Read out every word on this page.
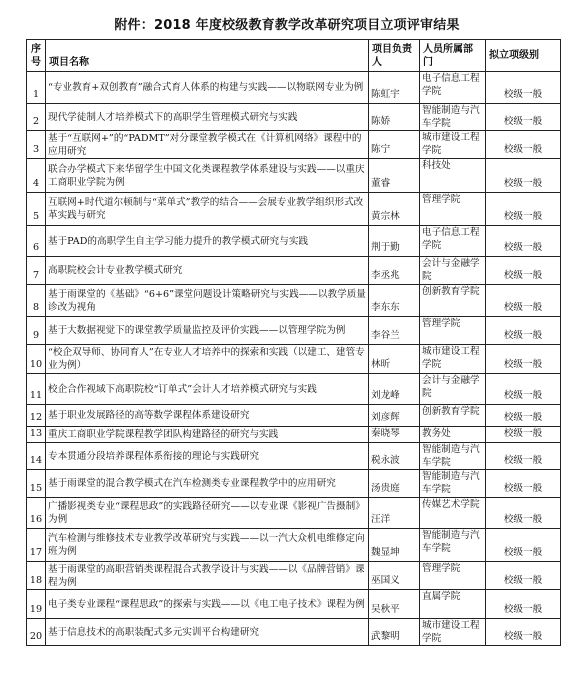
附件：2018 年度校级教育教学改革研究项目立项评审结果
序号	项目名称	项目负责人	人员所属部门	拟立项级别
1	“专业教育+双创教育”融合式育人体系的构建与实践——以物联网专业为例	陈虹宇	电子信息工程学院	校级一般
2	现代学徒制人才培养模式下的高职学生管理模式研究与实践	陈娇	智能制造与汽车学院	校级一般
3	基于“互联网+”的“PADMT”对分课堂教学模式在《计算机网络》课程中的应用研究	陈宁	城市建设工程学院	校级一般
4	联合办学模式下来华留学生中国文化类课程教学体系建设与实践——以重庆工商职业学院为例	董睿	科技处	校级一般
5	互联网+时代道尔顿制与“菜单式”教学的结合——会展专业教学组织形式改革实践与研究	黄宗林	管理学院	校级一般
6	基于PAD的高职学生自主学习能力提升的教学模式研究与实践	荆于勤	电子信息工程学院	校级一般
7	高职院校会计专业教学模式研究	李丞兆	会计与金融学院	校级一般
8	基于雨课堂的《基础》“6+6”课堂问题设计策略研究与实践——以教学质量诊改为视角	李东东	创新教育学院	校级一般
9	基于大数据视觉下的课堂教学质量监控及评价实践——以管理学院为例	李谷兰	管理学院	校级一般
10	“校企双导师、协同育人”在专业人才培养中的探索和实践（以建工、建管专业为例）	林昕	城市建设工程学院	校级一般
11	校企合作视域下高职院校“订单式”会计人才培养模式研究与实践	刘龙峰	会计与金融学院	校级一般
12	基于职业发展路径的高等数学课程体系建设研究	刘彦辉	创新教育学院	校级一般
13	重庆工商职业学院课程教学团队构建路径的研究与实践	秦晓琴	教务处	校级一般
14	专本贯通分段培养课程体系衔接的理论与实践研究	税永波	智能制造与汽车学院	校级一般
15	基于雨课堂的混合教学模式在汽车检测类专业课程教学中的应用研究	汤贵庭	智能制造与汽车学院	校级一般
16	广播影视类专业“课程思政”的实践路径研究——以专业课《影视广告摄制》为例	汪洋	传媒艺术学院	校级一般
17	汽车检测与维修技术专业教学改革研究与实践——以一汽大众机电维修定向班为例	魏显坤	智能制造与汽车学院	校级一般
18	基于雨课堂的高职营销类课程混合式教学设计与实践——以《品牌营销》课程为例	巫国义	管理学院	校级一般
19	电子类专业课程“课程思政”的探索与实践——以《电工电子技术》课程为例	吴秋平	直属学院	校级一般
20	基于信息技术的高职装配式多元实训平台构建研究	武黎明	城市建设工程学院	校级一般
